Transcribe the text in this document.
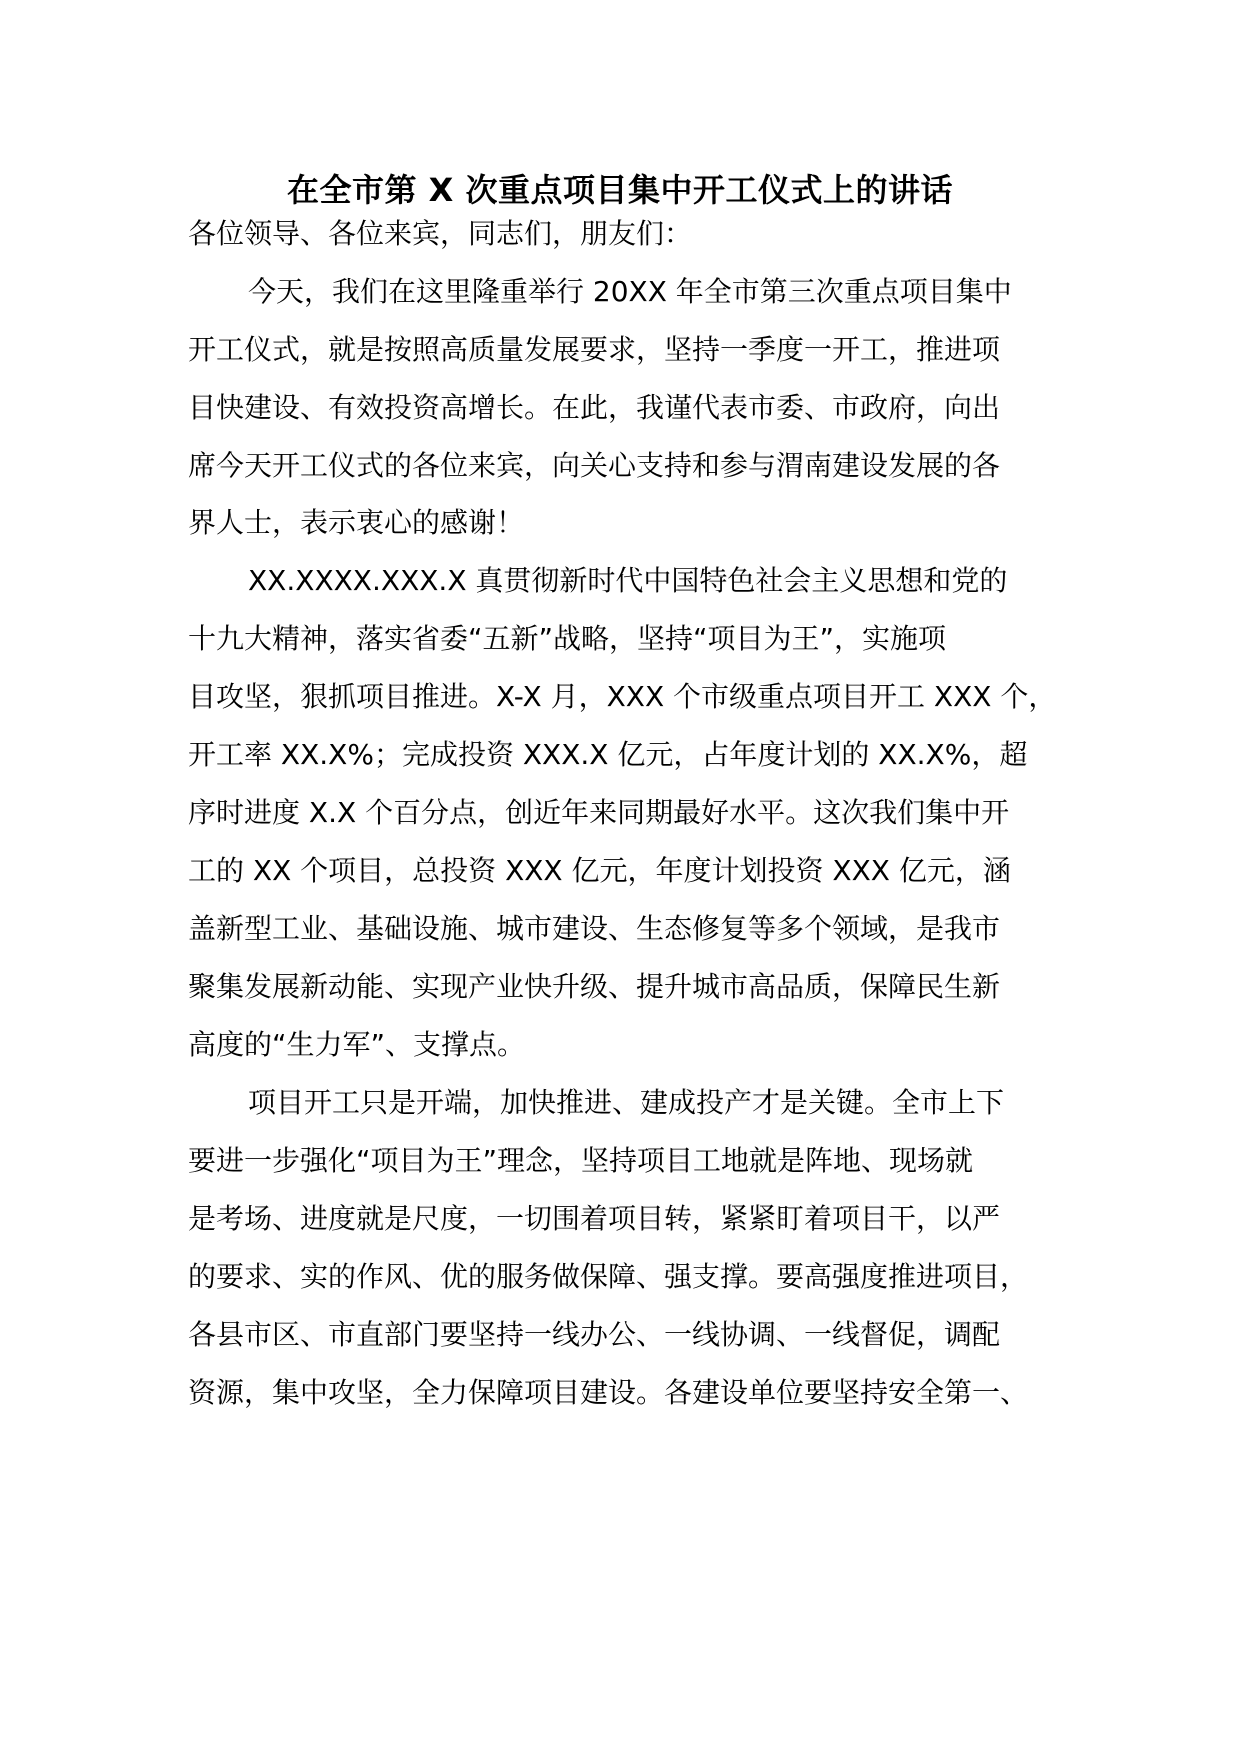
在全市第 X 次重点项目集中开工仪式上的讲话
各位领导、各位来宾，同志们，朋友们：
今天，我们在这里隆重举行 20XX 年全市第三次重点项目集中
开工仪式，就是按照高质量发展要求，坚持一季度一开工，推进项
目快建设、有效投资高增长。在此，我谨代表市委、市政府，向出
席今天开工仪式的各位来宾，向关心支持和参与渭南建设发展的各
界人士，表示衷心的感谢！
XX.XXXX.XXX.X 真贯彻新时代中国特色社会主义思想和党的
十九大精神，落实省委“五新”战略，坚持“项目为王”，实施项
目攻坚，狠抓项目推进。X-X 月，XXX 个市级重点项目开工 XXX 个，
开工率 XX.X%；完成投资 XXX.X 亿元，占年度计划的 XX.X%，超
序时进度 X.X 个百分点，创近年来同期最好水平。这次我们集中开
工的 XX 个项目，总投资 XXX 亿元，年度计划投资 XXX 亿元，涵
盖新型工业、基础设施、城市建设、生态修复等多个领域，是我市
聚集发展新动能、实现产业快升级、提升城市高品质，保障民生新
高度的“生力军”、支撑点。
项目开工只是开端，加快推进、建成投产才是关键。全市上下
要进一步强化“项目为王”理念，坚持项目工地就是阵地、现场就
是考场、进度就是尺度，一切围着项目转，紧紧盯着项目干，以严
的要求、实的作风、优的服务做保障、强支撑。要高强度推进项目，
各县市区、市直部门要坚持一线办公、一线协调、一线督促，调配
资源，集中攻坚，全力保障项目建设。各建设单位要坚持安全第一、
